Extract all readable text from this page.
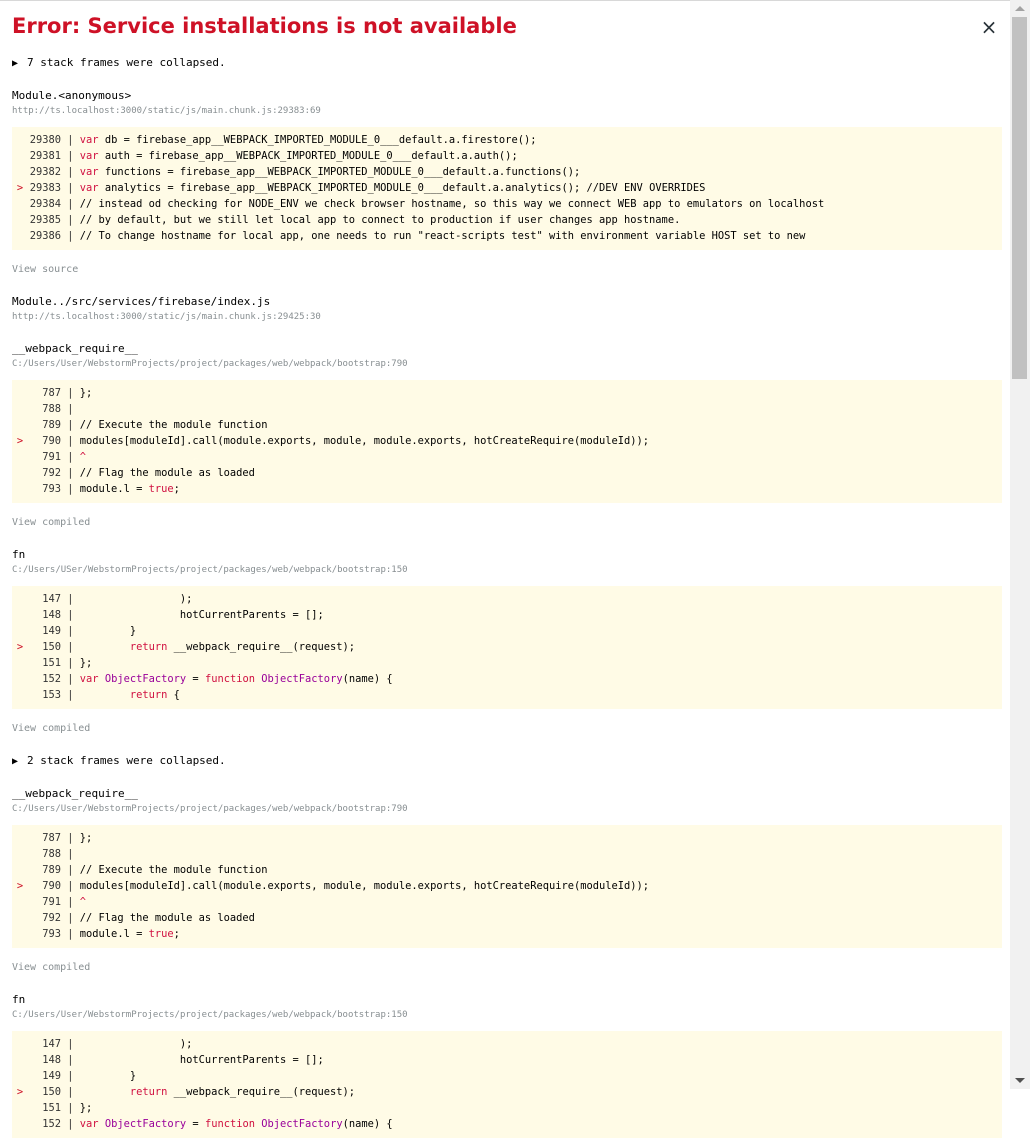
Error: Service installations is not available	×
▶ 7 stack frames were collapsed.
Module.<anonymous>
http://ts.localhost:3000/static/js/main.chunk.js:29383:69
29380 | var db = firebase_app__WEBPACK_IMPORTED_MODULE_0___default.a.firestore();
29381 | var auth = firebase_app__WEBPACK_IMPORTED_MODULE_0___default.a.auth();
29382 | var functions = firebase_app__WEBPACK_IMPORTED_MODULE_0___default.a.functions();
> 29383 | var analytics = firebase_app__WEBPACK_IMPORTED_MODULE_0___default.a.analytics(); //DEV ENV OVERRIDES
29384 | // instead od checking for NODE_ENV we check browser hostname, so this way we connect WEB app to emulators on localhost
29385 | // by default, but we still let local app to connect to production if user changes app hostname.
29386 | // To change hostname for local app, one needs to run "react-scripts test" with environment variable HOST set to new
View source
Module../src/services/firebase/index.js
http://ts.localhost:3000/static/js/main.chunk.js:29425:30
__webpack_require__
C:/Users/User/WebstormProjects/project/packages/web/webpack/bootstrap:790
787 | };
788 |
789 | // Execute the module function
> 790 | modules[moduleId].call(module.exports, module, module.exports, hotCreateRequire(moduleId));
791 | ^
792 | // Flag the module as loaded
793 | module.l = true;
View compiled
fn
C:/Users/USer/WebstormProjects/project/packages/web/webpack/bootstrap:150
147 |                 );
148 |                 hotCurrentParents = [];
149 |         }
> 150 |	return __webpack_require__(request);
151 | };
152 | var ObjectFactory = function ObjectFactory(name) {
153 |	return {
View compiled
▶ 2 stack frames were collapsed.
__webpack_require__
C:/Users/User/WebstormProjects/project/packages/web/webpack/bootstrap:790
787 | };
788 |
789 | // Execute the module function
> 790 | modules[moduleId].call(module.exports, module, module.exports, hotCreateRequire(moduleId));
791 | ^
792 | // Flag the module as loaded
793 | module.l = true;
View compiled
fn
C:/Users/User/WebstormProjects/project/packages/web/webpack/bootstrap:150
147 |                 );
148 |                 hotCurrentParents = [];
149 |         }
> 150 |	return __webpack_require__(request);
151 | };
152 | var ObjectFactory = function ObjectFactory(name) {
